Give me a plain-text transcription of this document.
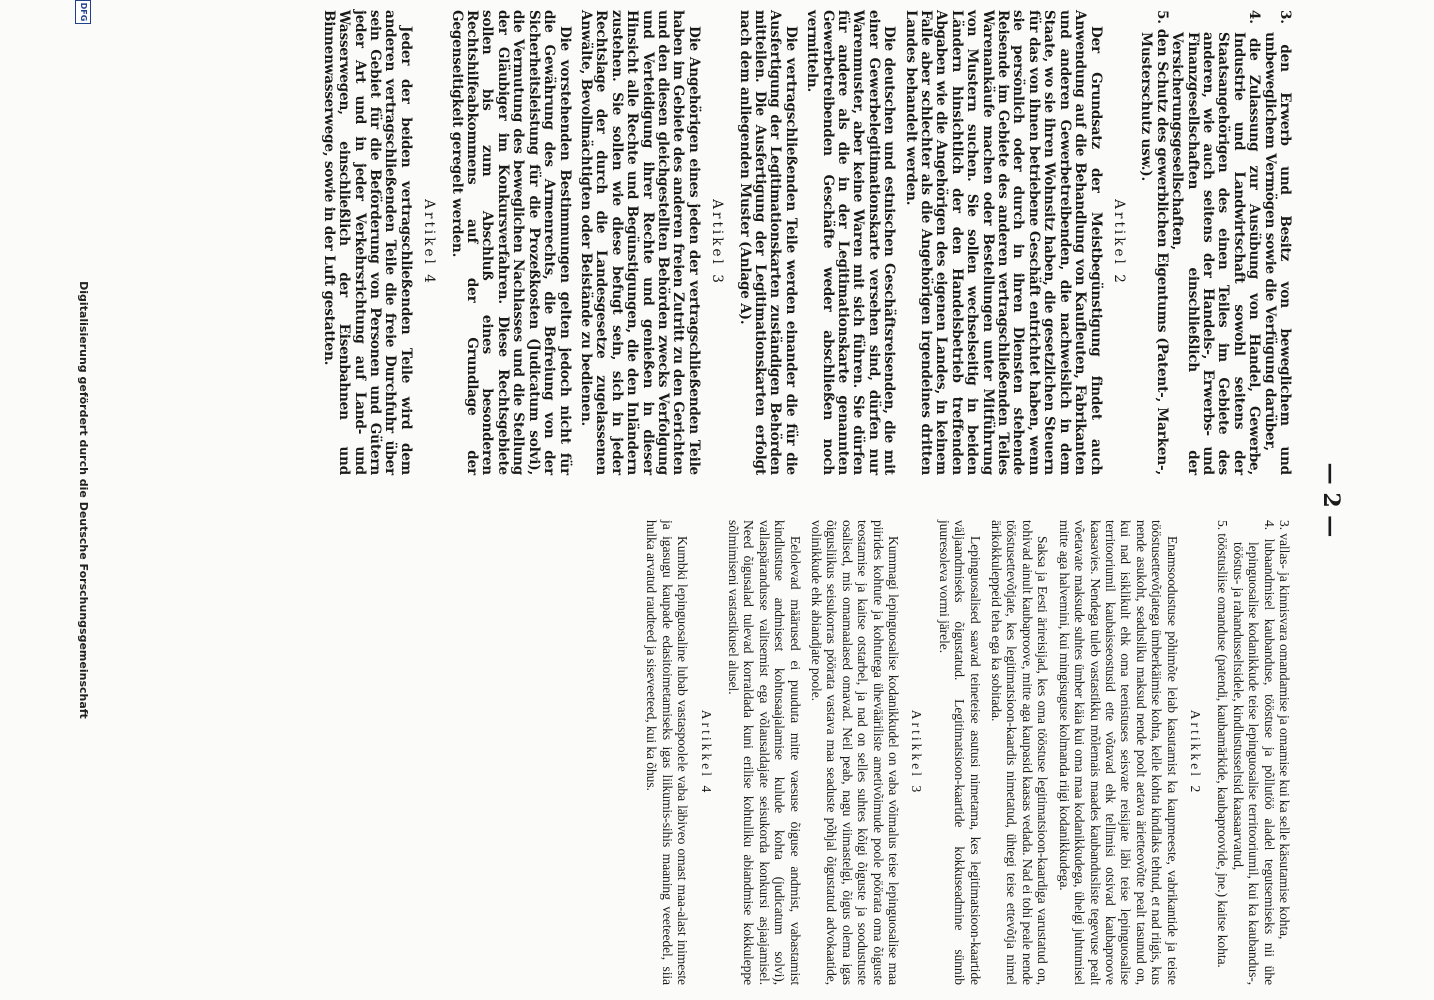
— 2 —

3. den Erwerb und Besitz von beweglichem und unbeweglichem Vermögen sowie die Verfügung darüber,

4. die Zulassung zur Ausübung von Handel, Gewerbe, Industrie und Landwirtschaft sowohl seitens der Staatsangehörigen des einen Teiles im Gebiete des anderen, wie auch seitens der Handels-, Erwerbs- und Finanzgesellschaften einschließlich der Versicherungsgesellschaften,

5. den Schutz des gewerblichen Eigentums (Patent-, Marken-, Musterschutz usw.).

Artikel 2

Der Grundsatz der Meistbegünstigung findet auch Anwendung auf die Behandlung von Kaufleuten, Fabrikanten und anderen Gewerbetreibenden, die nachweislich in dem Staate, wo sie ihren Wohnsitz haben, die gesetzlichen Steuern für das von ihnen betriebene Geschäft entrichtet haben, wenn sie persönlich oder durch in ihren Diensten stehende Reisende im Gebiete des anderen vertragschließenden Teiles Warenankäufe machen oder Bestellungen unter Mitführung von Mustern suchen. Sie sollen wechselseitig in beiden Ländern hinsichtlich der den Handelsbetrieb treffenden Abgaben wie die Angehörigen des eigenen Landes, in keinem Falle aber schlechter als die Angehörigen irgendeines dritten Landes behandelt werden.

Die deutschen und estnischen Geschäftsreisenden, die mit einer Gewerbelegitimationskarte versehen sind, dürfen nur Warenmuster, aber keine Waren mit sich führen. Sie dürfen für andere als die in der Legitimationskarte genannten Gewerbetreibenden Geschäfte weder abschließen noch vermitteln.

Die vertragschließenden Teile werden einander die für die Ausfertigung der Legitimationskarten zuständigen Behörden mitteilen. Die Ausfertigung der Legitimationskarten erfolgt nach dem anliegenden Muster (Anlage A).

Artikel 3

Die Angehörigen eines jeden der vertragschließenden Teile haben im Gebiete des anderen freien Zutritt zu den Gerichten und den diesen gleichgestellten Behörden zwecks Verfolgung und Verteidigung ihrer Rechte und genießen in dieser Hinsicht alle Rechte und Begünstigungen, die den Inländern zustehen. Sie sollen wie diese befugt sein, sich in jeder Rechtslage der durch die Landesgesetze zugelassenen Anwälte, Bevollmächtigten oder Beistände zu bedienen.

Die vorstehenden Bestimmungen gelten jedoch nicht für die Gewährung des Armenrechts, die Befreiung von der Sicherheitsleistung für die Prozeßkosten (Judicatum solvi), die Vermutung des beweglichen Nachlasses und die Stellung der Gläubiger im Konkursverfahren. Diese Rechtsgebiete sollen bis zum Abschluß eines besonderen Rechtshilfeabkommens auf der Grundlage der Gegenseitigkeit geregelt werden.

Artikel 4

Jeder der beiden vertragschließenden Teile wird dem anderen vertragschließenden Teile die freie Durchfuhr über sein Gebiet für die Beförderung von Personen und Gütern jeder Art und in jeder Verkehrsrichtung auf Land- und Wasserwegen, einschließlich der Eisenbahnen und Binnenwasserwege, sowie in der Luft gestatten.

3. vallas- ja kinnisvara omandamise ja omamise kui ka selle käsutamise kohta,

4. lubaandmisel kaubanduse, tööstuse ja põllutöö aladel tegutsemiseks nii ühe lepinguosalise kodanikkude teise lepinguosalise territooriumil, kui ka kaubandus-, tööstus- ja rahandusseltsidele, kindlustusseltsid kaasaarvatud,

5. tööstusliise omanduse (patendi, kaubamärkide, kaubaproovide, jne.) kaitse kohta.

Artikkel 2

Enamsoodustuse põhimõte leiab kasutamist ka kaupmeeste, vabrikantide ja teiste tööstusettevõtjatega ümberkäimise kohta, kelle kohta kindlaks tehtud, et nad riigis, kus nende asukoht, seadusliku maksud nende poolt aetava ärietteovõtte pealt tasunud on, kui nad isiklikult ehk oma teenistuses seisvate reisijate läbi teise lepinguosalise territooriumil kaubaisseostusid ette võtavad ehk tellimisi otsivad kaubaproove kaasavies. Nendega tuleb vastastikku mõlemais maades kaubandusliste tegevuse pealt võetavate maksude suhtes ümber käia kui oma maa kodanikkudega, ühelgi juhtumisel mitte aga halvemini, kui mingisuguse kolmanda riigi kodanikkudega.

Saksa ja Eesti ärireisijad, kes oma tööstuse legitimatsioon-kaardiga varustatud on, tohivad ainult kaubaproove, mitte aga kaupasid kaasas vedada. Nad ei tohi peale nende tööstusettevõtjate, kes legitimatsioon-kaardis nimetatud, ühtegi teise ettevõtja nimel ärikokkuleppeid teha ega ka sobitada.

Lepinguosalised saavad teineteise asutusi nimetama, kes legitimatsioon-kaartide väljaandmiseks õigustatud. Legitimatsioon-kaartide kokkuseadmine sünnib juuresoleva vormi järele.

Artikkel 3

Kummagi lepinguosalise kodanikkudel on vaba võimalus teise lepinguosalise maa piirides kohtute ja kohtutega ühevääriliste ametivõimude poole pöörata oma õiguste teostamise ja kaitse otstarbel, ja nad on selles suhtes kõigi õiguste ja soodustuste osalised, mis omamaalased omavad. Neil peab, nagu viimastelgi, õigus olema igas õigusliikus seisukorras pöörata vastava maa seaduste põhjal õigustatud advokaatide, volinikkude ehk abiandjate poole.

Eelolevad määrused ei puuduta mitte vaesuse õiguse andmist, vabastamist kindlustuse andmisest kohtusaajalamise kulude kohta (judicatum solvi), vallaspärandusse valitsemist ega võlausaldajate seisukorda konkursi asjaajamisel. Need õigusalad tulevad korraldada kuni erilise kohtuliku abiandmise kokkuleppe sõlmimiseni vastastikusel alusel.

Artikkel 4

Kumbki lepinguosaline lubab vastaspoolele vaba läbiveo omast maa-alast inimeste ja igasugu kaupade edasitoimetamiseks igas liikumis-sihis maaning veeteedel, siia hulka arvatud raudteed ja siseveeteed, kui ka õhus.

Digitalisierung gefördert durch die Deutsche Forschungsgemeinschaft
DFG
